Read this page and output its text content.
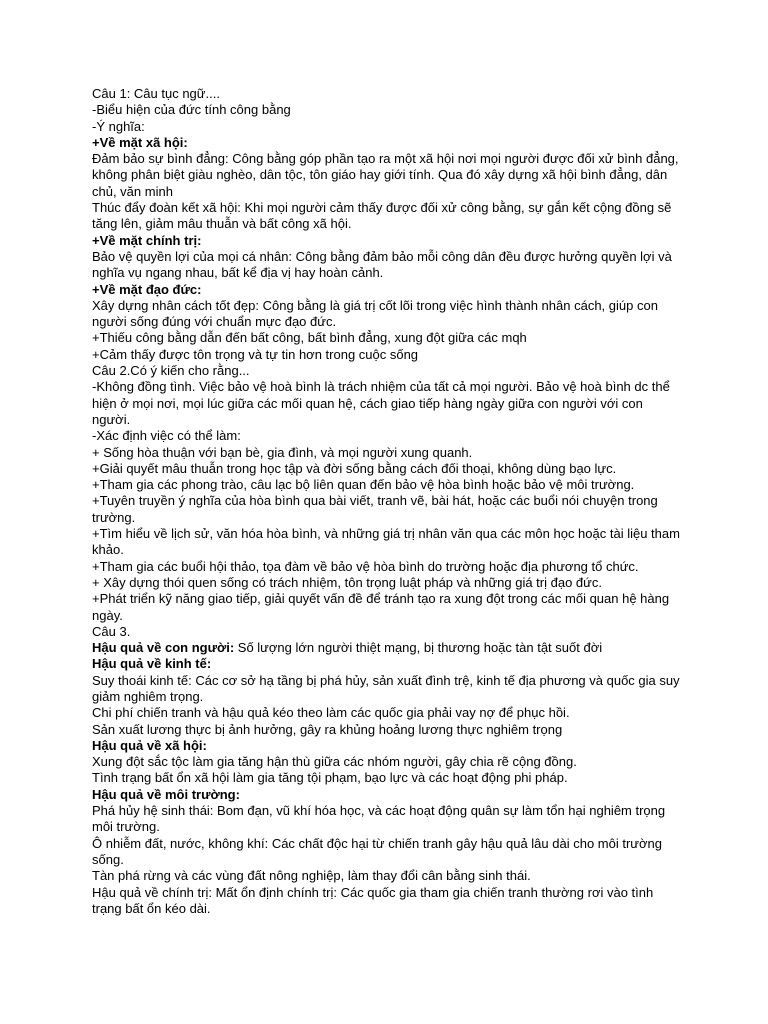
Câu 1: Câu tục ngữ....

-Biểu hiện của đức tính công bằng

-Ý nghĩa:

+Về mặt xã hội:

Đảm bảo sự bình đẳng: Công bằng góp phần tạo ra một xã hội nơi mọi người được đối xử bình đẳng, không phân biệt giàu nghèo, dân tộc, tôn giáo hay giới tính. Qua đó xây dựng xã hội bình đẳng, dân chủ, văn minh

Thúc đẩy đoàn kết xã hội: Khi mọi người cảm thấy được đối xử công bằng, sự gắn kết cộng đồng sẽ tăng lên, giảm mâu thuẫn và bất công xã hội.

+Về mặt chính trị:

Bảo vệ quyền lợi của mọi cá nhân: Công bằng đảm bảo mỗi công dân đều được hưởng quyền lợi và nghĩa vụ ngang nhau, bất kể địa vị hay hoàn cảnh.

+Về mặt đạo đức:

Xây dựng nhân cách tốt đẹp: Công bằng là giá trị cốt lõi trong việc hình thành nhân cách, giúp con người sống đúng với chuẩn mực đạo đức.

+Thiếu công bằng dẫn đến bất công, bất bình đẳng, xung đột giữa các mqh

+Cảm thấy được tôn trọng và tự tin hơn trong cuộc sống

Câu 2.Có ý kiến cho rằng...

-Không đồng tình. Việc bảo vệ hoà bình là trách nhiệm của tất cả mọi người. Bảo vệ hoà bình dc thể hiện ở mọi nơi, mọi lúc giữa các mối quan hệ, cách giao tiếp hàng ngày giữa con người với con người.

-Xác định việc có thể làm:

+ Sống hòa thuận với bạn bè, gia đình, và mọi người xung quanh.

+Giải quyết mâu thuẫn trong học tập và đời sống bằng cách đối thoại, không dùng bạo lực.

+Tham gia các phong trào, câu lạc bộ liên quan đến bảo vệ hòa bình hoặc bảo vệ môi trường.

+Tuyên truyền ý nghĩa của hòa bình qua bài viết, tranh vẽ, bài hát, hoặc các buổi nói chuyện trong trường.

+Tìm hiểu về lịch sử, văn hóa hòa bình, và những giá trị nhân văn qua các môn học hoặc tài liệu tham khảo.

+Tham gia các buổi hội thảo, tọa đàm về bảo vệ hòa bình do trường hoặc địa phương tổ chức.

+ Xây dựng thói quen sống có trách nhiệm, tôn trọng luật pháp và những giá trị đạo đức.

+Phát triển kỹ năng giao tiếp, giải quyết vấn đề để tránh tạo ra xung đột trong các mối quan hệ hàng ngày.

Câu 3.

Hậu quả về con người: Số lượng lớn người thiệt mạng, bị thương hoặc tàn tật suốt đời

Hậu quả về kinh tế:

Suy thoái kinh tế: Các cơ sở hạ tầng bị phá hủy, sản xuất đình trệ, kinh tế địa phương và quốc gia suy giảm nghiêm trọng.

Chi phí chiến tranh và hậu quả kéo theo làm các quốc gia phải vay nợ để phục hồi.

Sản xuất lương thực bị ảnh hưởng, gây ra khủng hoảng lương thực nghiêm trọng

Hậu quả về xã hội:

Xung đột sắc tộc làm gia tăng hận thù giữa các nhóm người, gây chia rẽ cộng đồng.

Tình trạng bất ổn xã hội làm gia tăng tội phạm, bạo lực và các hoạt động phi pháp.

Hậu quả về môi trường:

Phá hủy hệ sinh thái: Bom đạn, vũ khí hóa học, và các hoạt động quân sự làm tổn hại nghiêm trọng môi trường.

Ô nhiễm đất, nước, không khí: Các chất độc hại từ chiến tranh gây hậu quả lâu dài cho môi trường sống.

Tàn phá rừng và các vùng đất nông nghiệp, làm thay đổi cân bằng sinh thái.

Hậu quả về chính trị: Mất ổn định chính trị: Các quốc gia tham gia chiến tranh thường rơi vào tình trạng bất ổn kéo dài.
